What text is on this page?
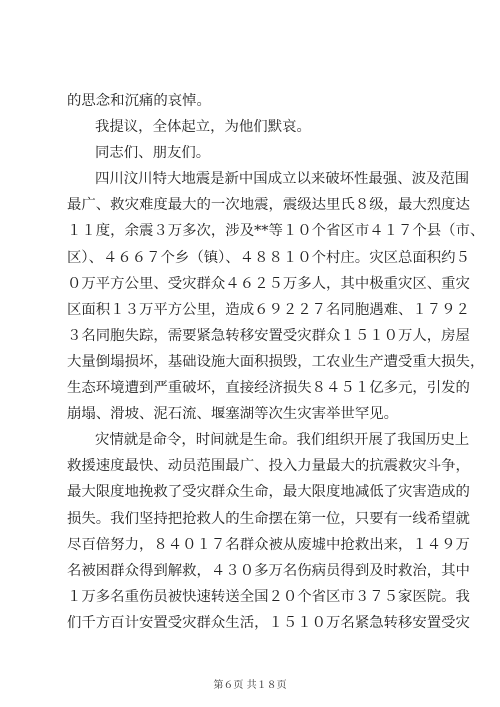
的思念和沉痛的哀悼。
我提议，全体起立，为他们默哀。
同志们、朋友们。
四川汶川特大地震是新中国成立以来破坏性最强、波及范围
最广、救灾难度最大的一次地震，震级达里氏８级，最大烈度达
１１度，余震３万多次，涉及**等１０个省区市４１７个县（市、
区）、４６６７个乡（镇）、４８８１０个村庄。灾区总面积约５
０万平方公里、受灾群众４６２５万多人，其中极重灾区、重灾
区面积１３万平方公里，造成６９２２７名同胞遇难、１７９２
３名同胞失踪，需要紧急转移安置受灾群众１５１０万人，房屋
大量倒塌损坏，基础设施大面积损毁，工农业生产遭受重大损失，
生态环境遭到严重破坏，直接经济损失８４５１亿多元，引发的
崩塌、滑坡、泥石流、堰塞湖等次生灾害举世罕见。
灾情就是命令，时间就是生命。我们组织开展了我国历史上
救援速度最快、动员范围最广、投入力量最大的抗震救灾斗争，
最大限度地挽救了受灾群众生命，最大限度地减低了灾害造成的
损失。我们坚持把抢救人的生命摆在第一位，只要有一线希望就
尽百倍努力，８４０１７名群众被从废墟中抢救出来，１４９万
名被困群众得到解救，４３０多万名伤病员得到及时救治，其中
１万多名重伤员被快速转送全国２０个省区市３７５家医院。我
们千方百计安置受灾群众生活，１５１０万名紧急转移安置受灾
第６页 共１８页
